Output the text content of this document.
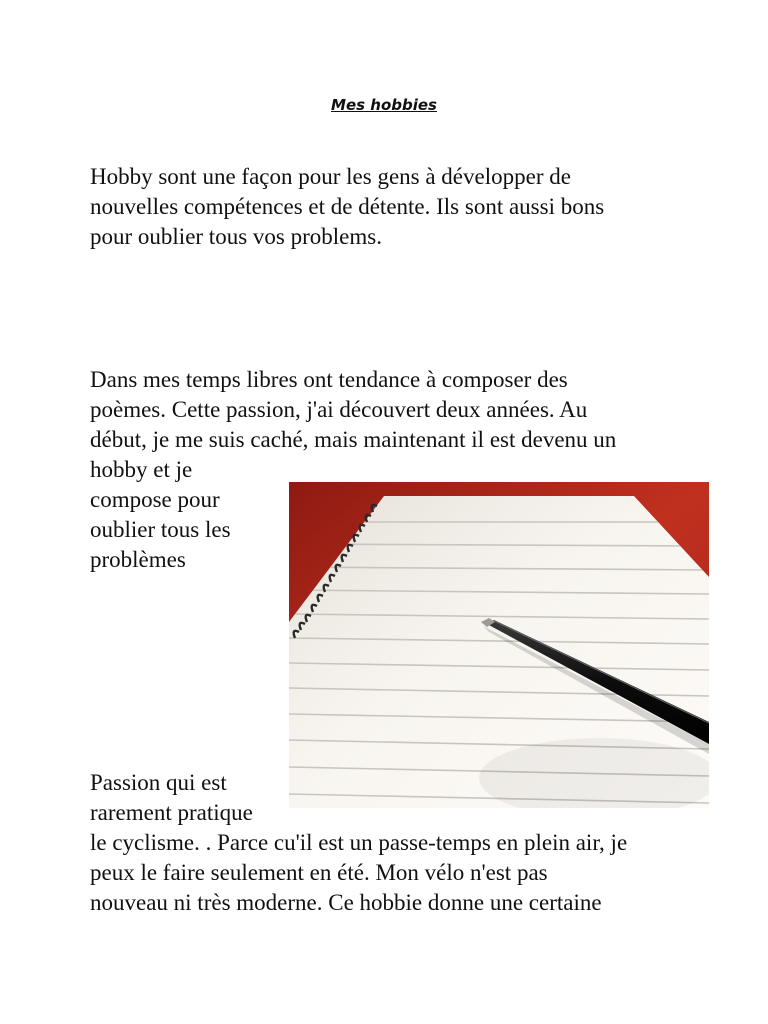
Mes hobbies
Hobby sont une façon pour les gens à développer de
nouvelles compétences et de détente. Ils sont aussi bons
pour oublier tous vos problems.
Dans mes temps libres ont tendance à composer des
poèmes. Cette passion, j'ai découvert deux années. Au
début, je me suis caché, mais maintenant il est devenu un
hobby et je
compose pour
oublier tous les
problèmes
Passion qui est
rarement pratique
le cyclisme. . Parce cu'il est un passe-temps en plein air, je
peux le faire seulement en été. Mon vélo n'est pas
nouveau ni très moderne. Ce hobbie donne une certaine
